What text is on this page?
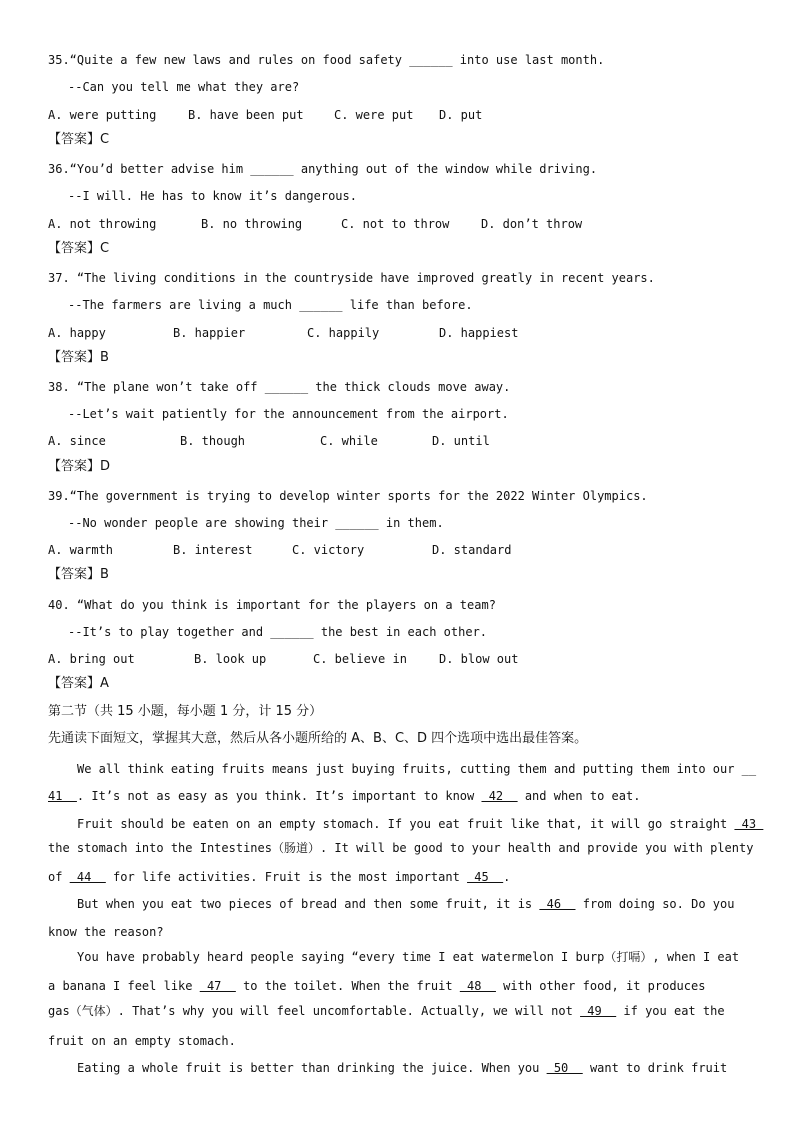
35.“Quite a few new laws and rules on food safety ______ into use last month.
--Can you tell me what they are?

A. were putting

	B. have been put

	C. were put

D. put

【答案】C
36.“You’d better advise him ______ anything out of the window while driving.
--I will. He has to know it’s dangerous.

A. not throwing

	B. no throwing

	C. not to throw

	D. don’t throw

【答案】C
37. “The living conditions in the countryside have improved greatly in recent years.
--The farmers are living a much ______ life than before.

A. happy

	B. happier

	C. happily

	D. happiest

【答案】B
38. “The plane won’t take off ______ the thick clouds move away.
--Let’s wait patiently for the announcement from the airport.

A. since

	B. though

	C. while

	D. until

【答案】D
39.“The government is trying to develop winter sports for the 2022 Winter Olympics.
--No wonder people are showing their ______ in them.

A. warmth

	B. interest

	C. victory

	D. standard

【答案】B
40. “What do you think is important for the players on a team?
--It’s to play together and ______ the best in each other.

A. bring out

	B. look up

	C. believe in

	D. blow out

【答案】A
第二节（共 15 小题，每小题 1 分，计 15 分）
先通读下面短文，掌握其大意，然后从各小题所给的 A、B、C、D 四个选项中选出最佳答案。
We all think eating fruits means just buying fruits, cutting them and putting them into our __
41  . It’s not as easy as you think. It’s important to know  42   and when to eat.
Fruit should be eaten on an empty stomach. If you eat fruit like that, it will go straight  43
the stomach into the Intestines（肠道）. It will be good to your health and provide you with plenty
of  44   for life activities. Fruit is the most important  45  .
But when you eat two pieces of bread and then some fruit, it is  46   from doing so. Do you
know the reason?
You have probably heard people saying “every time I eat watermelon I burp（打嗝）, when I eat
a banana I feel like  47   to the toilet. When the fruit  48   with other food, it produces
gas（气体）. That’s why you will feel uncomfortable. Actually, we will not  49   if you eat the
fruit on an empty stomach.
Eating a whole fruit is better than drinking the juice. When you  50   want to drink fruit
